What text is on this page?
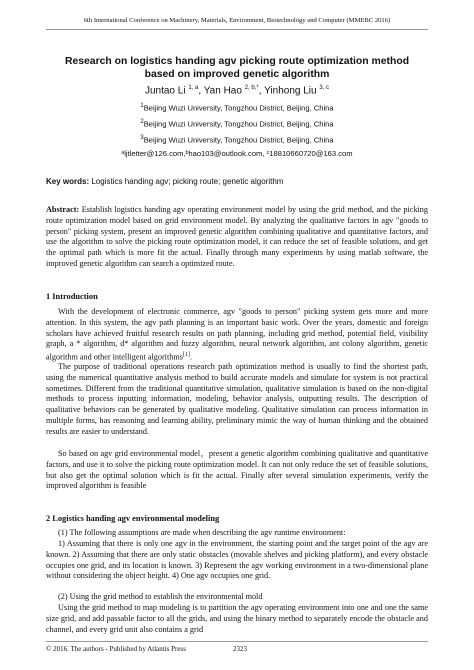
6th International Conference on Machinery, Materials, Environment, Biotechnology and Computer (MMEBC 2016)
Research on logistics handing agv picking route optimization method
based on improved genetic algorithm
Juntao Li $^{1, a}$, Yan Hao $^{2, b,*}$, Yinhong Liu $^{3, c}$
$^1$Beijing Wuzi University, Tongzhou District, Beijing, China
$^2$Beijing Wuzi University, Tongzhou District, Beijing, China
$^3$Beijing Wuzi University, Tongzhou District, Beijing, China
ᵃljtletter@126.com,ᵇhao103@outlook.com, ᶜ18810660720@163.com
Key words: Logistics handing agv; picking route; genetic algorithm
Abstract: Establish logistics handing agv operating environment model by using the grid method, and the picking route optimization model based on grid environment model. By analyzing the qualitative factors in agv "goods to person" picking system, present an improved genetic algorithm combining qualitative and quantitative factors, and use the algorithm to solve the picking route optimization model, it can reduce the set of feasible solutions, and get the optimal path which is more fit the actual. Finally through many experiments by using matlab software, the improved genetic algorithm can search a optimized route.
1 Introduction
With the development of electronic commerce, agv "goods to person" picking system gets more and more attention. In this system, the agv path planning is an important basic work. Over the years, domestic and foreign scholars have achieved fruitful research results on path planning, including grid method, potential field, visibility graph, a * algorithm, d* algorithm and fuzzy algorithm, neural network algorithm, ant colony algorithm, genetic algorithm and other intelligent algorithms[1].
The purpose of traditional operations research path optimization method is usually to find the shortest path, using the numerical quantitative analysis method to build accurate models and simulate for system is not practical sometimes. Different from the traditional quantitative simulation, qualitative simulation is based on the non-digital methods to process inputting information, modeling, behavior analysis, outputting results. The description of qualitative behaviors can be generated by qualitative modeling. Qualitative simulation can process information in multiple forms, has reasoning and learning ability, preliminary mimic the way of human thinking and the obtained results are easier to understand.
So based on agv grid environmental model，present a genetic algorithm combining qualitative and quantitative factors, and use it to solve the picking route optimization model. It can not only reduce the set of feasible solutions, but also get the optimal solution which is fit the actual. Finally after several simulation experiments, verify the improved algorithm is feasible
2 Logistics handing agv environmental modeling
(1) The following assumptions are made when describing the agv runtime environment:
1) Assuming that there is only one agv in the environment, the starting point and the target point of the agv are known. 2) Assuming that there are only static obstacles (movable shelves and picking platform), and every obstacle occupies one grid, and its location is known. 3) Represent the agv working environment in a two-dimensional plane without considering the object height. 4) One agv occupies one grid.
(2) Using the grid method to establish the environmental mold
Using the grid method to map modeling is to partition the agv operating environment into one and one the same size grid, and add passable factor to all the grids, and using the binary method to separately encode the obstacle and channel, and every grid unit also contains a grid
© 2016. The authors - Published by Atlantis Press	2323
